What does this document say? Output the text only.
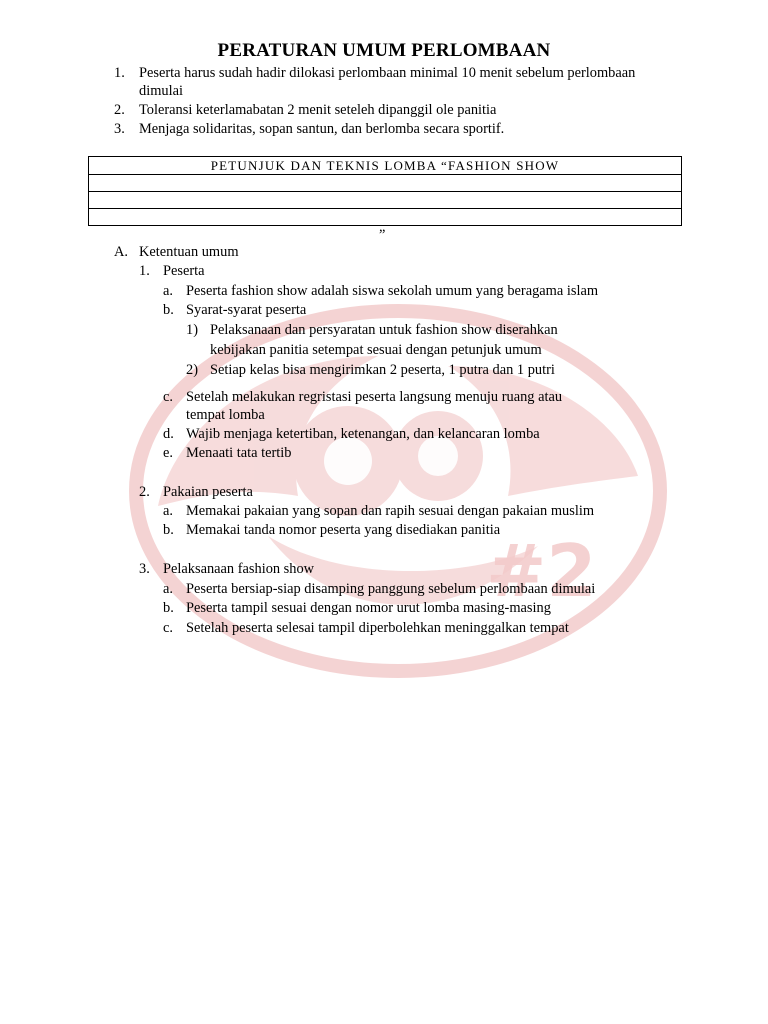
#2
PERATURAN UMUM PERLOMBAAN
1. Peserta harus sudah hadir dilokasi perlombaan minimal 10 menit sebelum perlombaan
dimulai
2. Toleransi keterlamabatan 2 menit seteleh dipanggil ole panitia
3. Menjaga solidaritas, sopan santun, dan berlomba secara sportif.
PETUNJUK DAN TEKNIS LOMBA “FASHION SHOW

”
A. Ketentuan umum
1. Peserta
a. Peserta fashion show adalah siswa sekolah umum yang beragama islam
b. Syarat-syarat peserta
1) Pelaksanaan dan persyaratan untuk fashion show diserahkan
kebijakan panitia setempat sesuai dengan petunjuk umum
2) Setiap kelas bisa mengirimkan 2 peserta, 1 putra dan 1 putri
c. Setelah melakukan regristasi peserta langsung menuju ruang atau
tempat lomba
d. Wajib menjaga ketertiban, ketenangan, dan kelancaran lomba
e. Menaati tata tertib
2. Pakaian peserta
a. Memakai pakaian yang sopan dan rapih sesuai dengan pakaian muslim
b. Memakai tanda nomor peserta yang disediakan panitia
3. Pelaksanaan fashion show
a. Peserta bersiap-siap disamping panggung sebelum perlombaan dimulai
b. Peserta tampil sesuai dengan nomor urut lomba masing-masing
c. Setelah peserta selesai tampil diperbolehkan meninggalkan tempat
